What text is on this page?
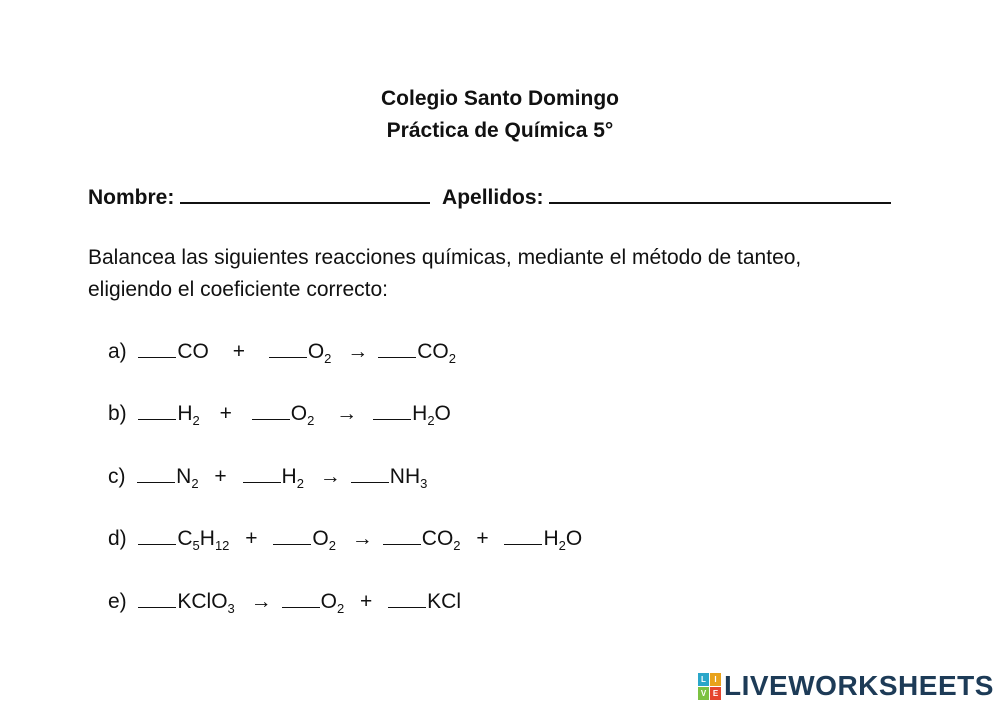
Colegio Santo Domingo
Práctica de Química 5°
Nombre:	Apellidos:
Balancea las siguientes reacciones químicas, mediante el método de tanteo,
eligiendo el coeficiente correcto:
a) CO +	$O_2 \to CO_2$
b) $H_2$ +	$O_2$ →	$H_2O$
c) $N_2$ +	$H_2 \to NH_3$
d) $C_5H_{12}$ +	$O_2 \to CO_2$ +	$H_2O$
e) KClO$_3$ → $O_2$ +	KCl
L	I
V E LIVEWORKSHEETS
